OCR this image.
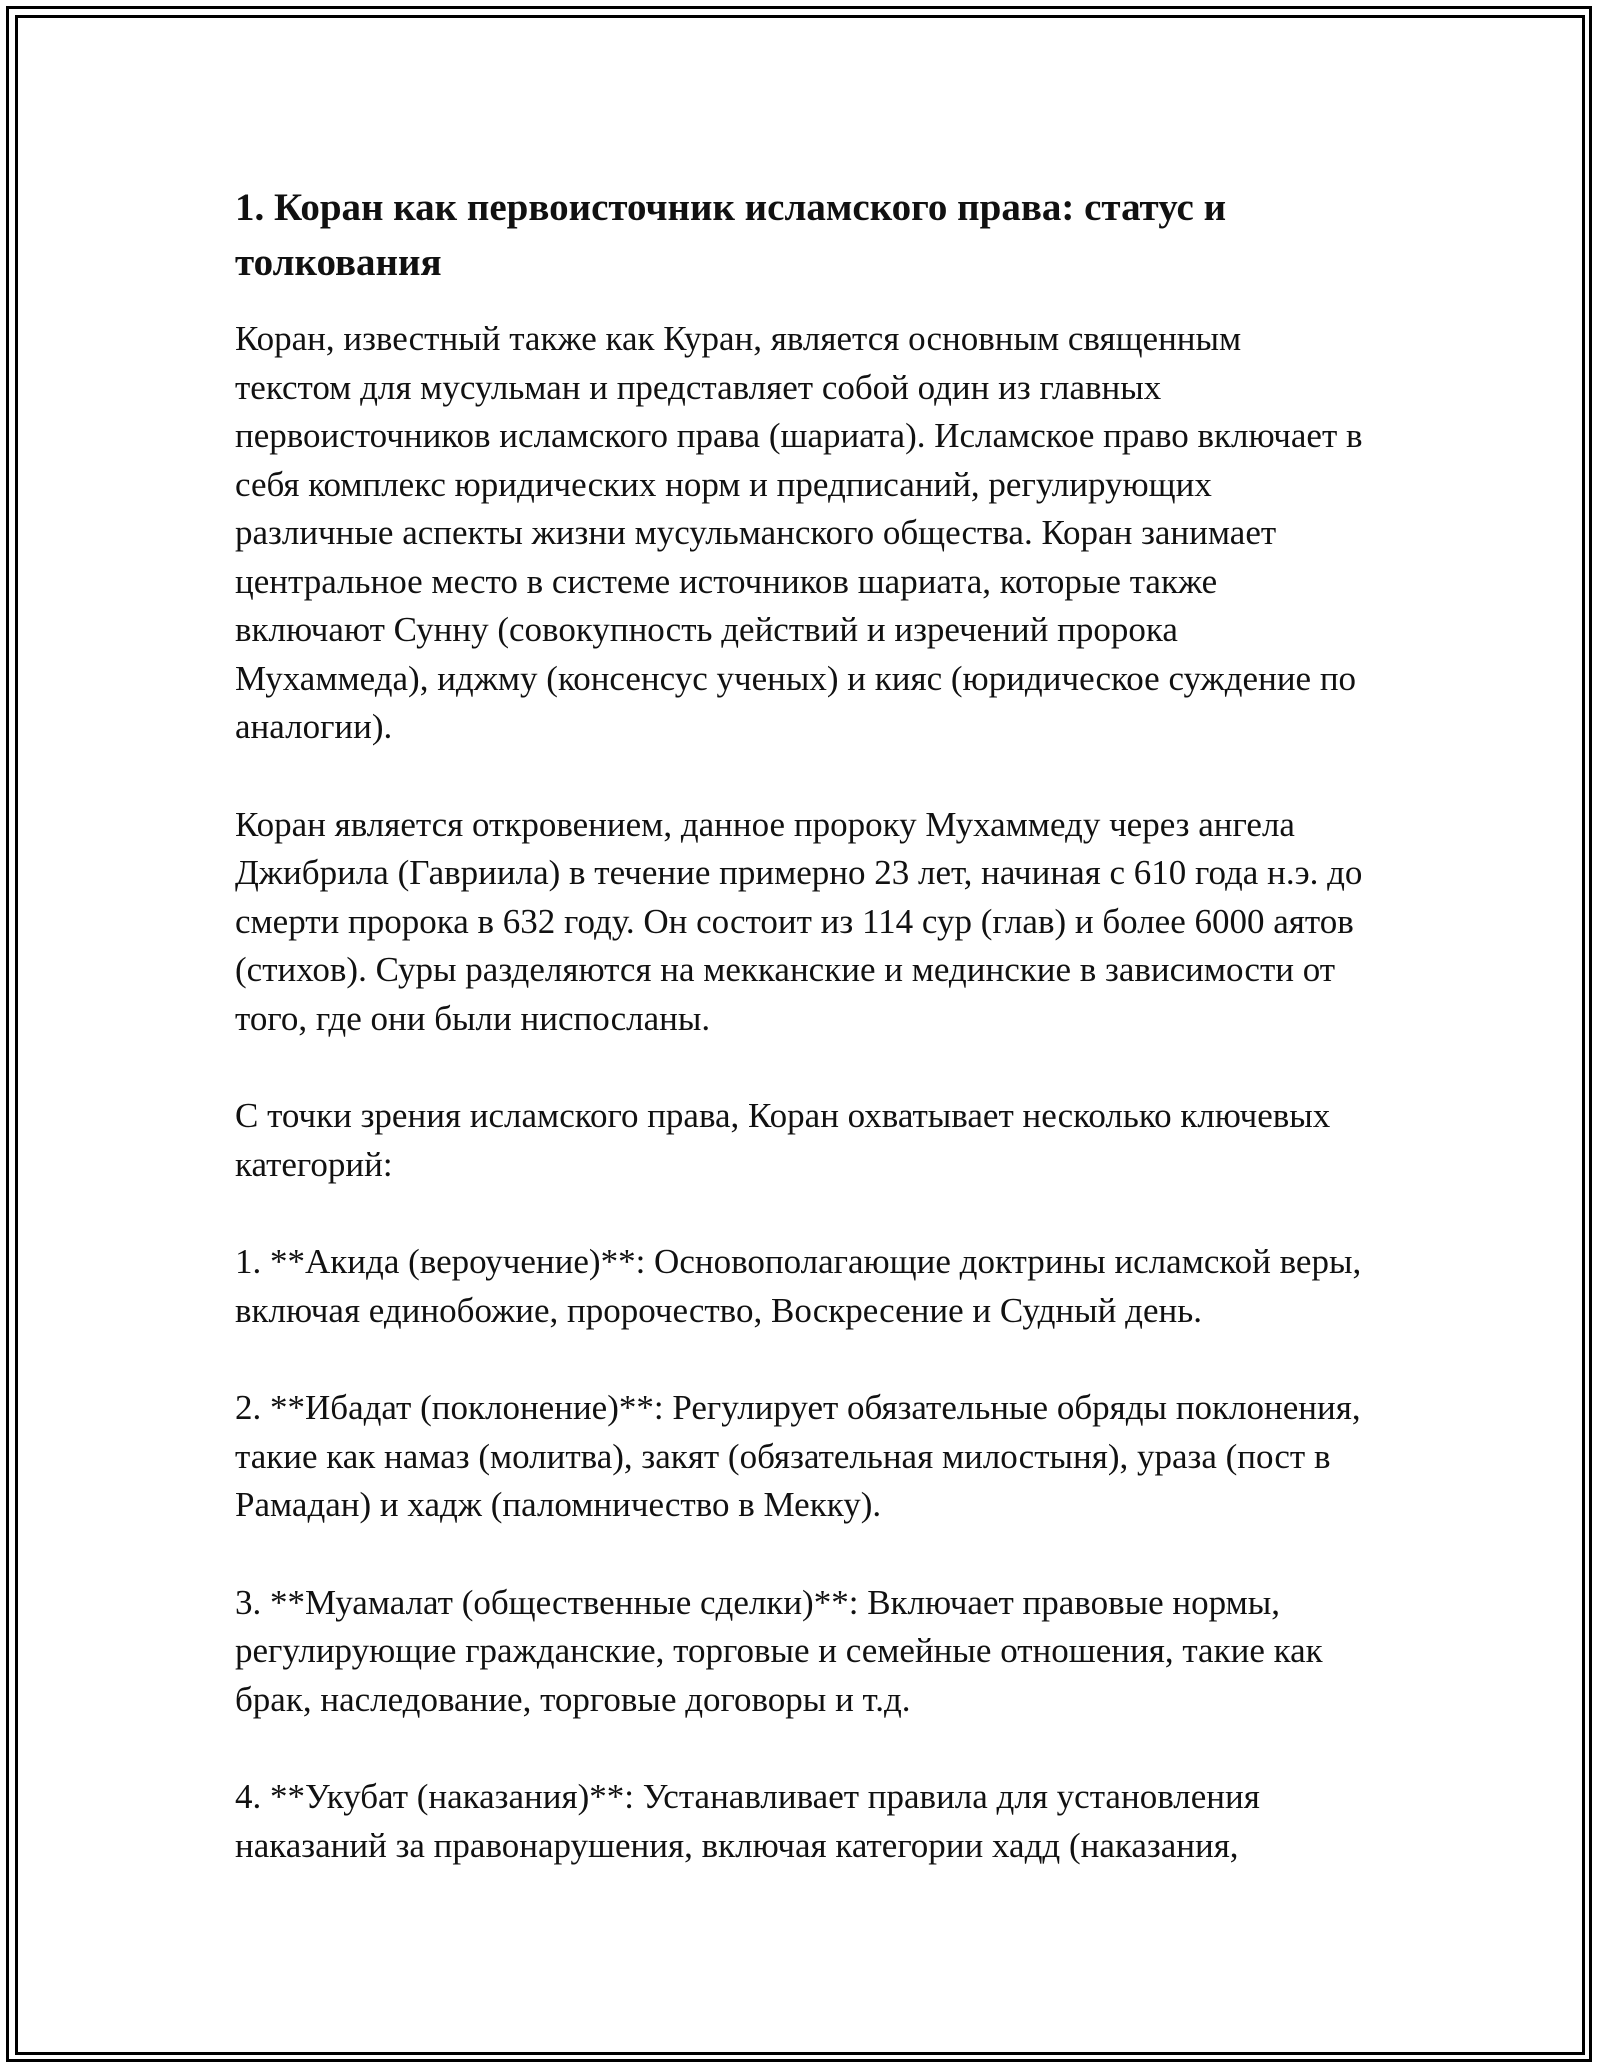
1. Коран как первоисточник исламского права: статус и толкования

Коран, известный также как Куран, является основным священным текстом для мусульман и представляет собой один из главных первоисточников исламского права (шариата). Исламское право включает в себя комплекс юридических норм и предписаний, регулирующих различные аспекты жизни мусульманского общества. Коран занимает центральное место в системе источников шариата, которые также включают Сунну (совокупность действий и изречений пророка Мухаммеда), иджму (консенсус ученых) и кияс (юридическое суждение по аналогии).

Коран является откровением, данное пророку Мухаммеду через ангела Джибрила (Гавриила) в течение примерно 23 лет, начиная с 610 года н.э. до смерти пророка в 632 году. Он состоит из 114 сур (глав) и более 6000 аятов (стихов). Суры разделяются на мекканские и мединские в зависимости от того, где они были ниспосланы.

С точки зрения исламского права, Коран охватывает несколько ключевых категорий:

1. **Акида (вероучение)**: Основополагающие доктрины исламской веры, включая единобожие, пророчество, Воскресение и Судный день.

2. **Ибадат (поклонение)**: Регулирует обязательные обряды поклонения, такие как намаз (молитва), закят (обязательная милостыня), ураза (пост в Рамадан) и хадж (паломничество в Мекку).

3. **Муамалат (общественные сделки)**: Включает правовые нормы, регулирующие гражданские, торговые и семейные отношения, такие как брак, наследование, торговые договоры и т.д.

4. **Укубат (наказания)**: Устанавливает правила для установления наказаний за правонарушения, включая категории хадд (наказания,
